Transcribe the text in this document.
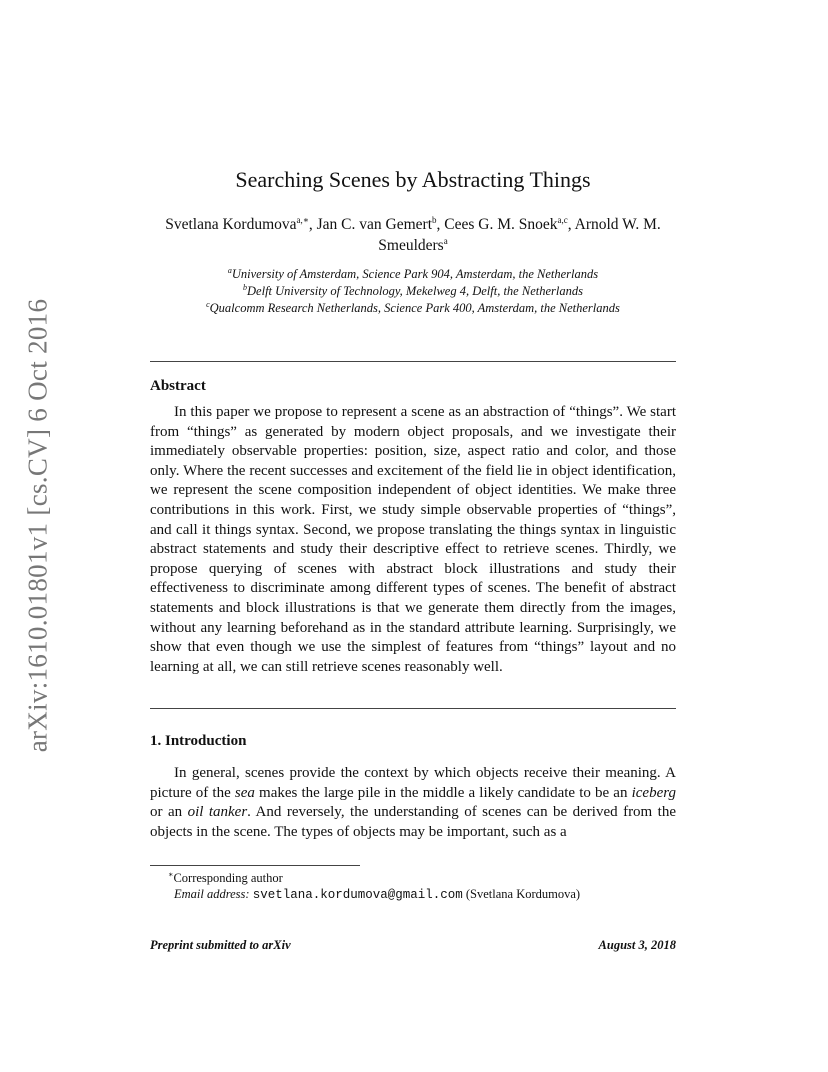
arXiv:1610.01801v1 [cs.CV] 6 Oct 2016
Searching Scenes by Abstracting Things
Svetlana Kordumova$^{a,∗}$, Jan C. van Gemert$^b$, Cees G. M. Snoek$^{a,c}$, Arnold W. M. Smeulders$^a$
$^a$University of Amsterdam, Science Park 904, Amsterdam, the Netherlands
$^b$Delft University of Technology, Mekelweg 4, Delft, the Netherlands
$^c$Qualcomm Research Netherlands, Science Park 400, Amsterdam, the Netherlands
Abstract

In this paper we propose to represent a scene as an abstraction of “things”. We start from “things” as generated by modern object proposals, and we investigate their immediately observable properties: position, size, aspect ratio and color, and those only. Where the recent successes and excitement of the field lie in object identification, we represent the scene composition independent of object identities. We make three contributions in this work. First, we study simple observable properties of “things”, and call it things syntax. Second, we propose translating the things syntax in linguistic abstract statements and study their descriptive effect to retrieve scenes. Thirdly, we propose querying of scenes with abstract block illustrations and study their effectiveness to discriminate among different types of scenes. The benefit of abstract statements and block illustrations is that we generate them directly from the images, without any learning beforehand as in the standard attribute learning. Surprisingly, we show that even though we use the simplest of features from “things” layout and no learning at all, we can still retrieve scenes reasonably well.

1. Introduction

In general, scenes provide the context by which objects receive their meaning. A picture of the sea makes the large pile in the middle a likely candidate to be an iceberg or an oil tanker. And reversely, the understanding of scenes can be derived from the objects in the scene. The types of objects may be important, such as a

∗Corresponding author
Email address: svetlana.kordumova@gmail.com (Svetlana Kordumova)
Preprint submitted to arXiv	August 3, 2018
